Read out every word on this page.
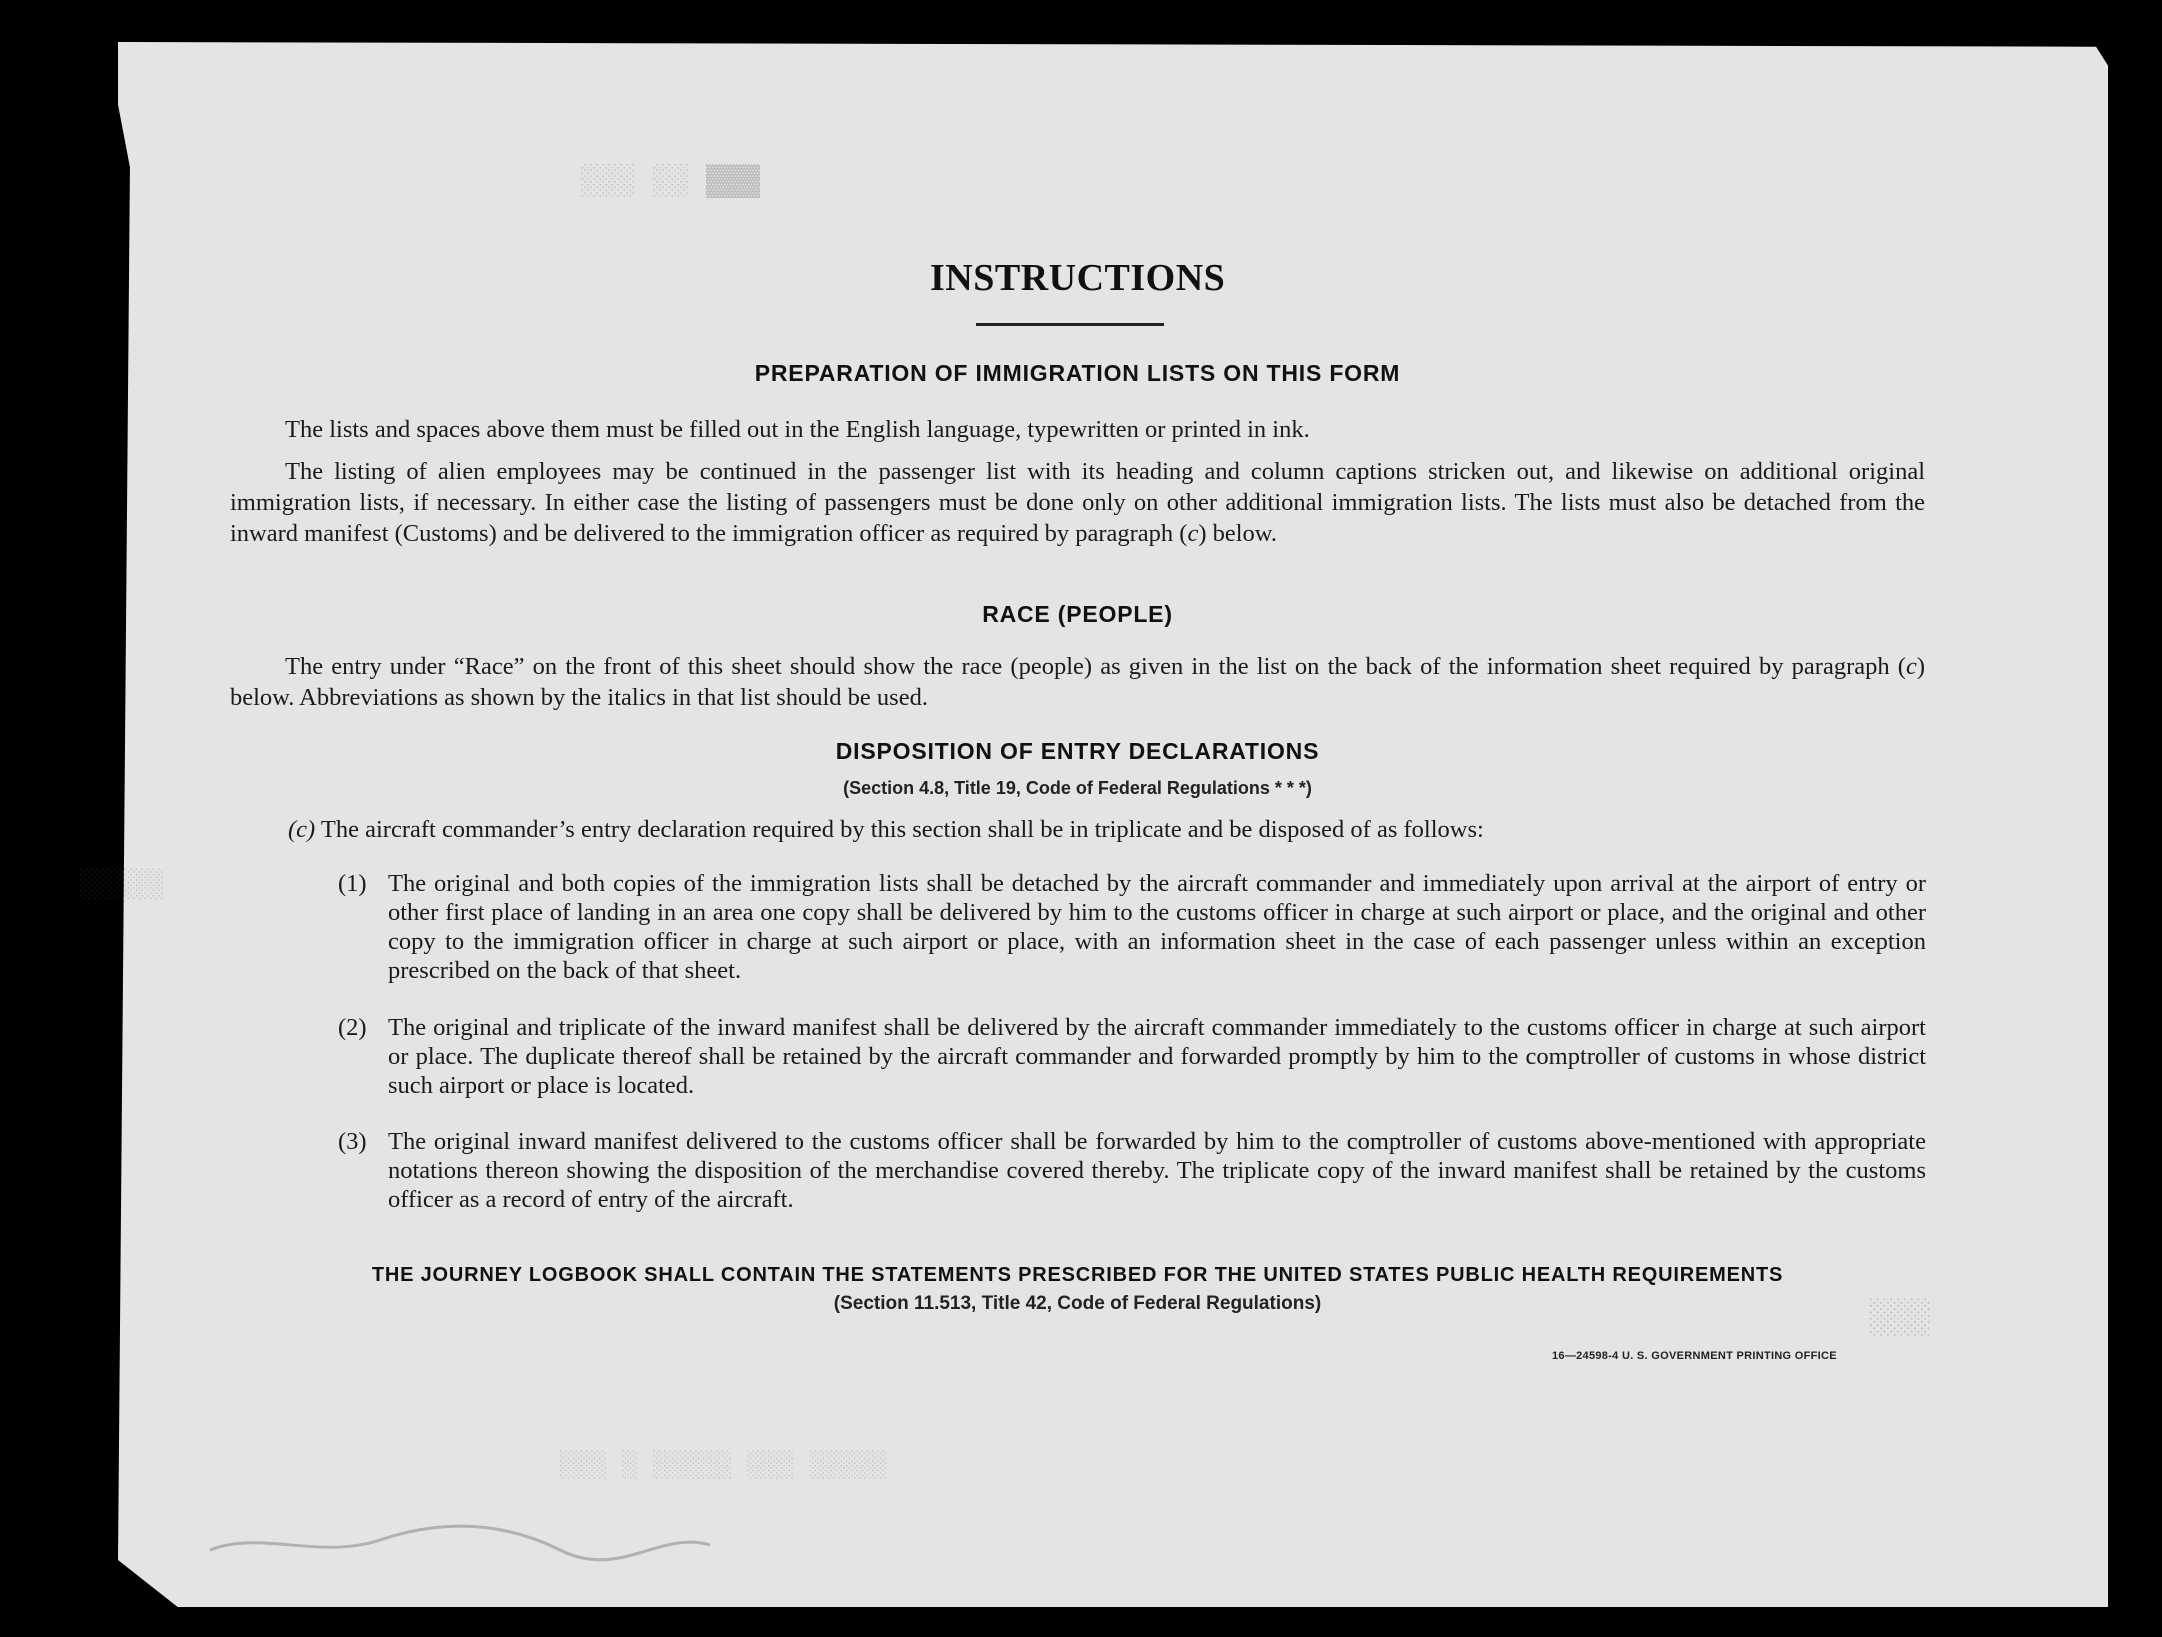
▓▓▓ ░░ ░░░
░░░░░
░░░
░░░ ░ ░░░░░ ░░░ ░░░░░
INSTRUCTIONS
PREPARATION OF IMMIGRATION LISTS ON THIS FORM

The lists and spaces above them must be filled out in the English language, typewritten or printed in ink.

The listing of alien employees may be continued in the passenger list with its heading and column captions stricken out, and likewise on additional original immigration lists, if necessary. In either case the listing of passengers must be done only on other additional immigration lists. The lists must also be detached from the inward manifest (Customs) and be delivered to the immigration officer as required by paragraph (c) below.

RACE (PEOPLE)

The entry under “Race” on the front of this sheet should show the race (people) as given in the list on the back of the information sheet required by paragraph (c) below. Abbreviations as shown by the italics in that list should be used.

DISPOSITION OF ENTRY DECLARATIONS
(Section 4.8, Title 19, Code of Federal Regulations * * *)

(c) The aircraft commander’s entry declaration required by this section shall be in triplicate and be disposed of as follows:

(1) The original and both copies of the immigration lists shall be detached by the aircraft commander and immediately upon arrival at the airport of entry or other first place of landing in an area one copy shall be delivered by him to the customs officer in charge at such airport or place, and the original and other copy to the immigration officer in charge at such airport or place, with an information sheet in the case of each passenger unless within an exception prescribed on the back of that sheet.
(2) The original and triplicate of the inward manifest shall be delivered by the aircraft commander immediately to the customs officer in charge at such airport or place. The duplicate thereof shall be retained by the aircraft commander and forwarded promptly by him to the comptroller of customs in whose district such airport or place is located.
(3) The original inward manifest delivered to the customs officer shall be forwarded by him to the comptroller of customs above-mentioned with appropriate notations thereon showing the disposition of the merchandise covered thereby. The triplicate copy of the inward manifest shall be retained by the customs officer as a record of entry of the aircraft.
THE JOURNEY LOGBOOK SHALL CONTAIN THE STATEMENTS PRESCRIBED FOR THE UNITED STATES PUBLIC HEALTH REQUIREMENTS
(Section 11.513, Title 42, Code of Federal Regulations)
16—24598-4 U. S. GOVERNMENT PRINTING OFFICE
